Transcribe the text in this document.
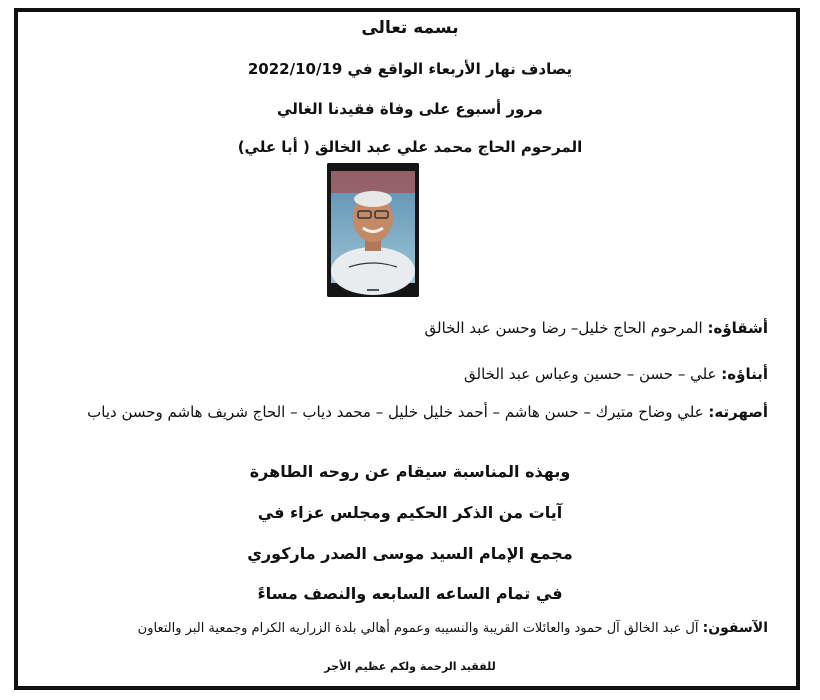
بسمه تعالى
يصادف نهار الأربعاء الواقع في 2022/10/19
مرور أسبوع على وفاة فقيدنا الغالي
المرحوم الحاج محمد علي عبد الخالق ( أبا علي)
أشقاؤه: المرحوم الحاج خليل– رضا وحسن عبد الخالق
أبناؤه: علي – حسن – حسين وعباس عبد الخالق
أصهرته: علي وضاح متيرك – حسن هاشم – أحمد خليل خليل – محمد دياب – الحاج شريف هاشم وحسن دياب
وبهذه المناسبة سيقام عن روحه الطاهرة
آيات من الذكر الحكيم ومجلس عزاء في
مجمع الإمام السيد موسى الصدر ماركوري
في تمام الساعه السابعه والنصف مساءً
الآسفون: آل عبد الخالق آل حمود والعائلات القريبة والنسيبه وعموم أهالي بلدة الزراريه الكرام وجمعية البر والتعاون
للفقيد الرحمة ولكم عظيم الأجر
